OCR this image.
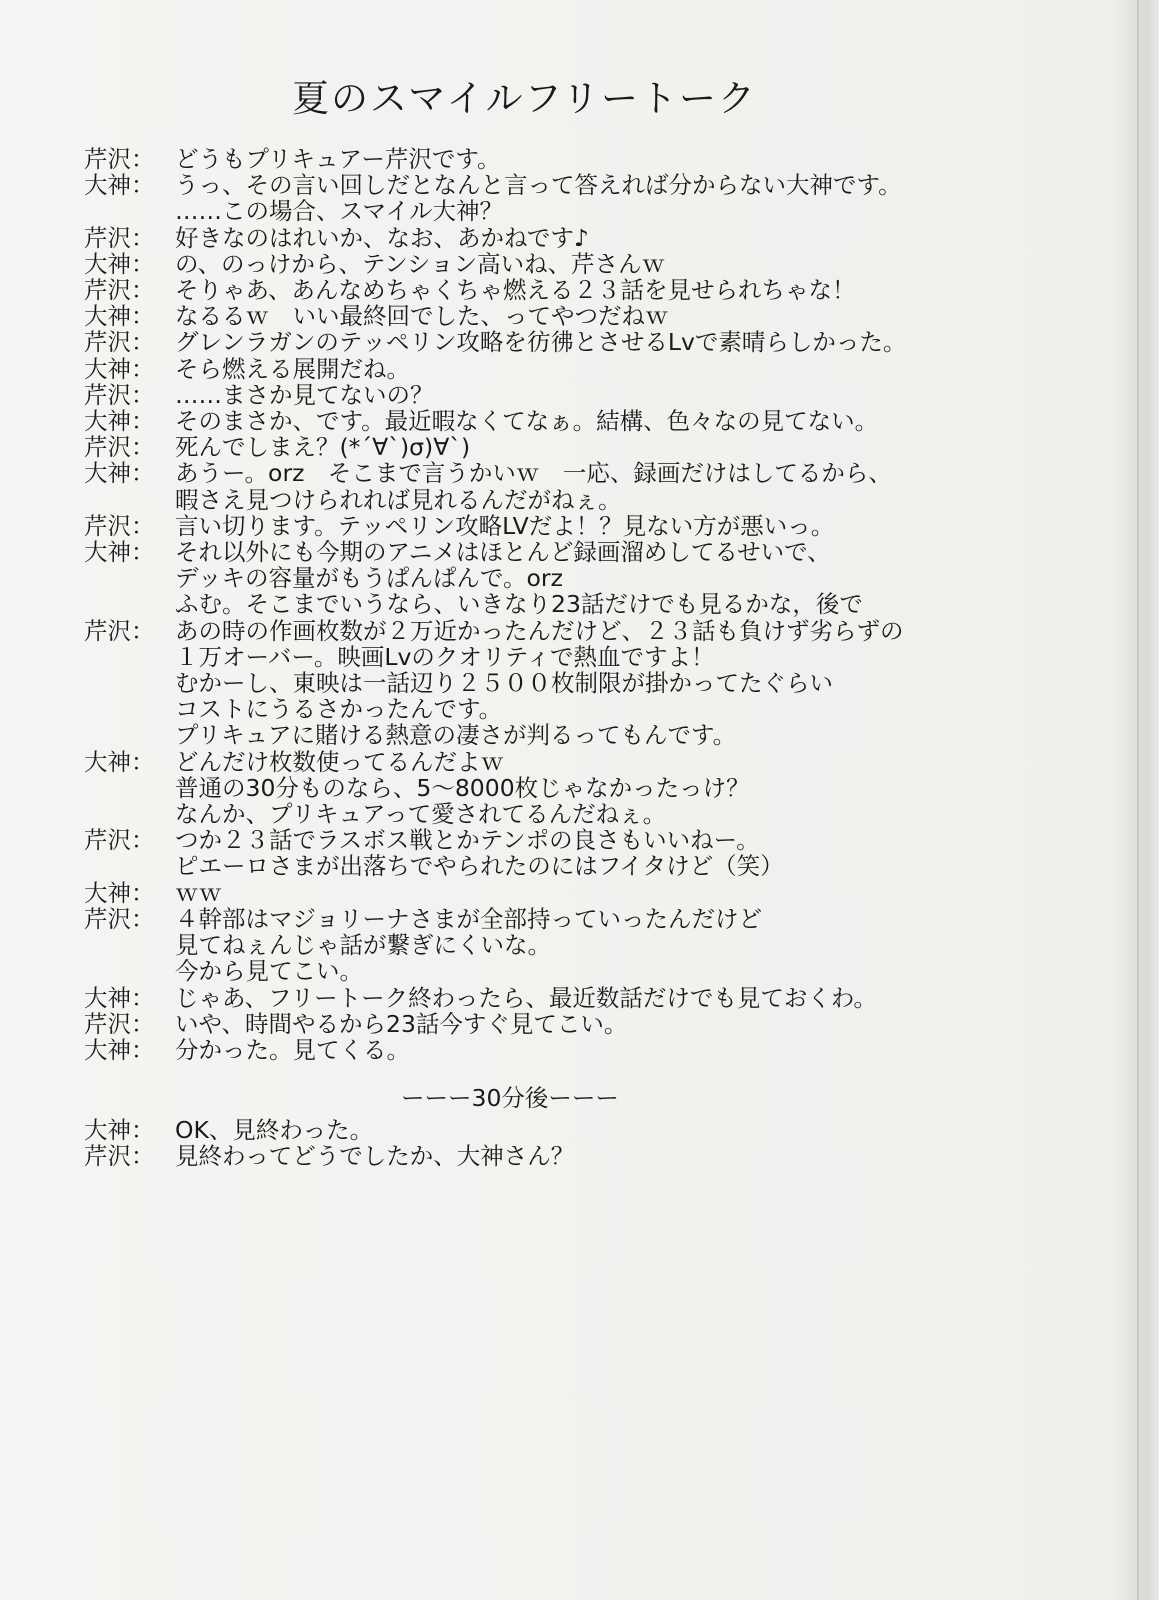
夏のスマイルフリートーク
芹沢： どうもプリキュアー芹沢です。
大神： うっ、その言い回しだとなんと言って答えれば分からない大神です。
……この場合、スマイル大神？
芹沢： 好きなのはれいか、なお、あかねです♪
大神： の、のっけから、テンション高いね、芹さんｗ
芹沢： そりゃあ、あんなめちゃくちゃ燃える２３話を見せられちゃな！
大神： なるるｗ　いい最終回でした、ってやつだねｗ
芹沢： グレンラガンのテッペリン攻略を彷彿とさせるLvで素晴らしかった。
大神： そら燃える展開だね。
芹沢： ……まさか見てないの？
大神： そのまさか、です。最近暇なくてなぁ。結構、色々なの見てない。
芹沢： 死んでしまえ？(*´∀`)σ)∀`)
大神： あうー。orz　そこまで言うかいｗ　一応、録画だけはしてるから、
暇さえ見つけられれば見れるんだがねぇ。
芹沢： 言い切ります。テッペリン攻略LVだよ！？見ない方が悪いっ。
大神： それ以外にも今期のアニメはほとんど録画溜めしてるせいで、
デッキの容量がもうぱんぱんで。orz
ふむ。そこまでいうなら、いきなり23話だけでも見るかな，後で
芹沢： あの時の作画枚数が２万近かったんだけど、２３話も負けず劣らずの
１万オーバー。映画Lvのクオリティで熱血ですよ！
むかーし、東映は一話辺り２５００枚制限が掛かってたぐらい
コストにうるさかったんです。
プリキュアに賭ける熱意の凄さが判るってもんです。
大神： どんだけ枚数使ってるんだよｗ
普通の30分ものなら、5～8000枚じゃなかったっけ？
なんか、プリキュアって愛されてるんだねぇ。
芹沢： つか２３話でラスボス戦とかテンポの良さもいいねー。
ピエーロさまが出落ちでやられたのにはフイタけど（笑）
大神： ｗｗ
芹沢： ４幹部はマジョリーナさまが全部持っていったんだけど
見てねぇんじゃ話が繋ぎにくいな。
今から見てこい。
大神： じゃあ、フリートーク終わったら、最近数話だけでも見ておくわ。
芹沢： いや、時間やるから23話今すぐ見てこい。
大神： 分かった。見てくる。
ーーー30分後ーーー
大神： OK、見終わった。
芹沢： 見終わってどうでしたか、大神さん？
